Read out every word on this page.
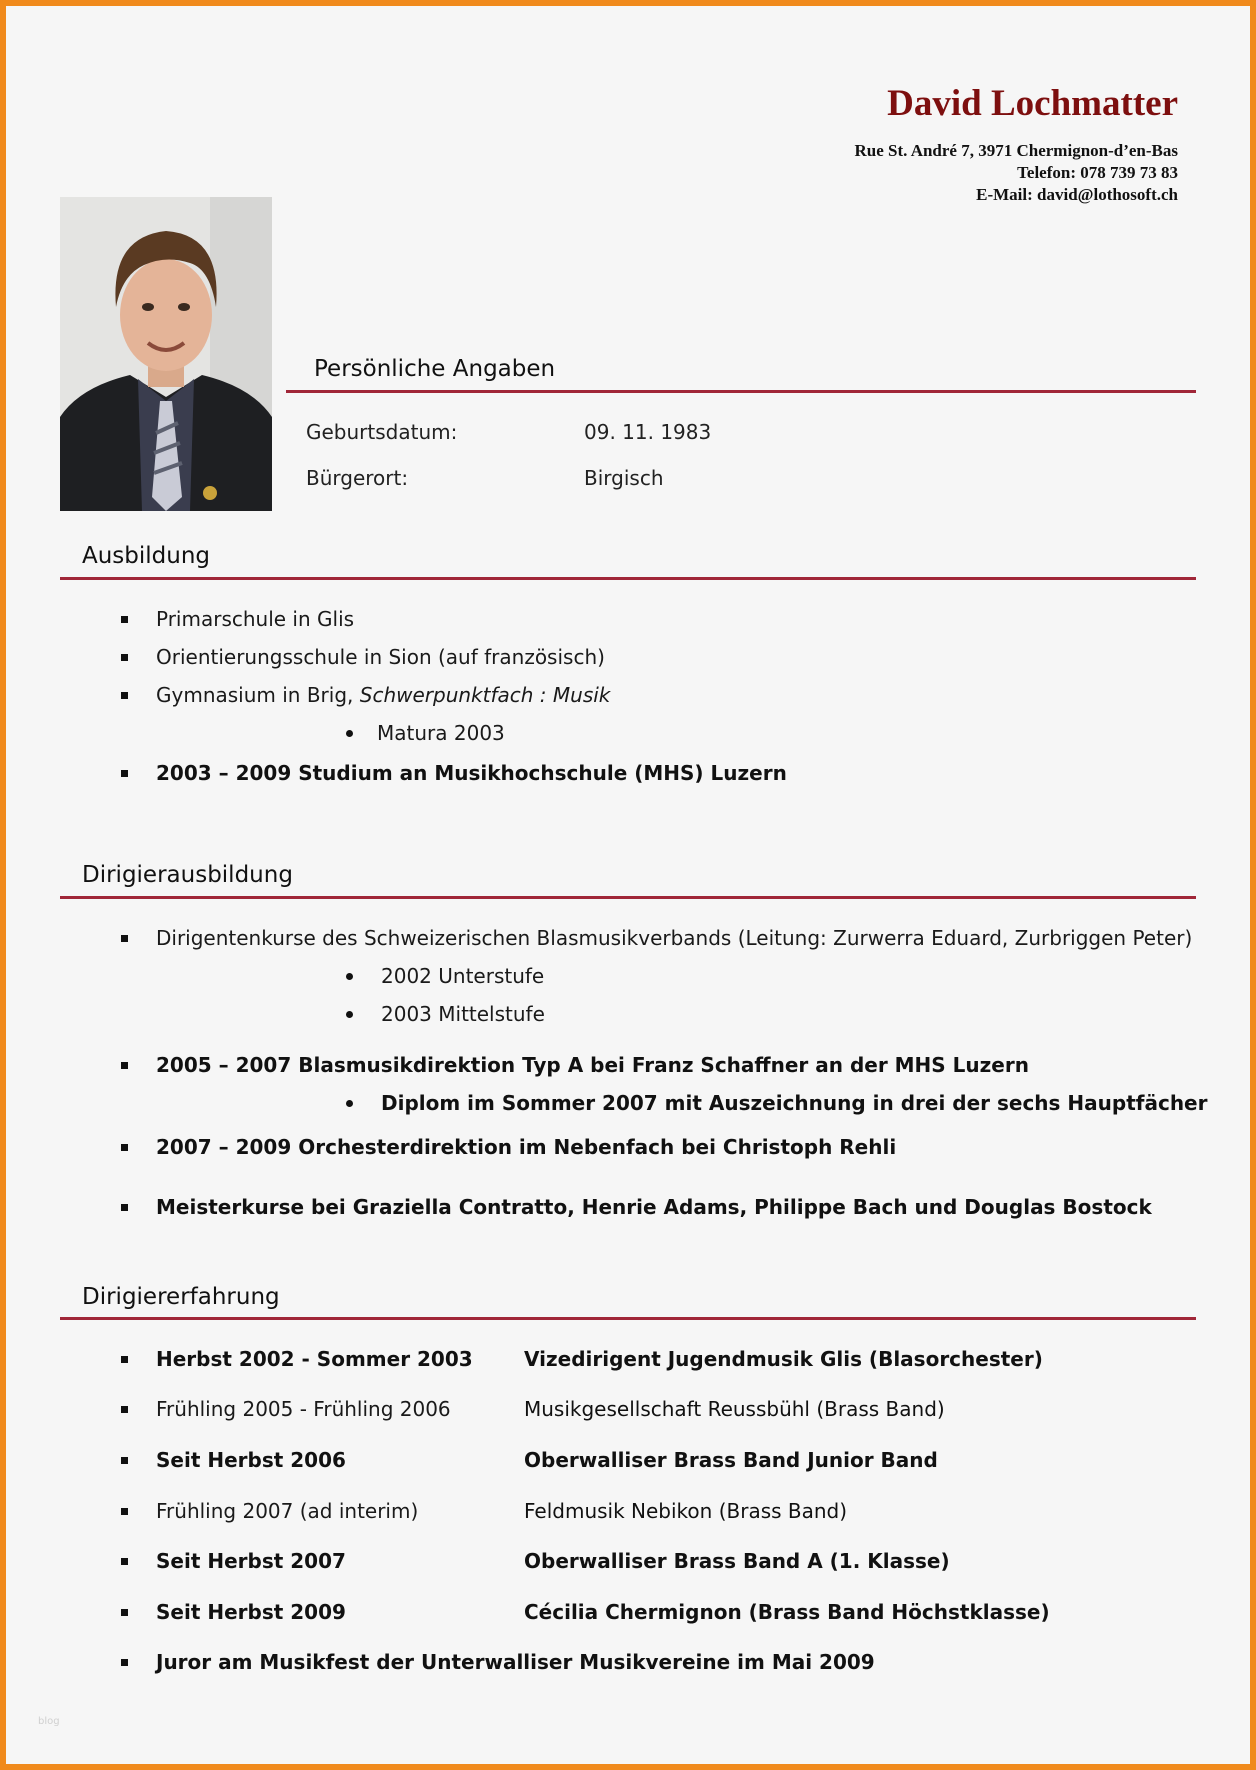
David Lochmatter
Rue St. André 7, 3971 Chermignon-d’en-Bas
Telefon: 078 739 73 83
E-Mail: david@lothosoft.ch
Persönliche Angaben
Geburtsdatum:	09. 11. 1983
Bürgerort:	Birgisch
Ausbildung
Primarschule in Glis
Orientierungsschule in Sion (auf französisch)
Gymnasium in Brig, Schwerpunktfach : Musik
Matura 2003
2003 – 2009 Studium an Musikhochschule (MHS) Luzern
Dirigierausbildung
Dirigentenkurse des Schweizerischen Blasmusikverbands (Leitung: Zurwerra Eduard, Zurbriggen Peter)
2002 Unterstufe
2003 Mittelstufe
2005 – 2007 Blasmusikdirektion Typ A bei Franz Schaffner an der MHS Luzern
Diplom im Sommer 2007 mit Auszeichnung in drei der sechs Hauptfächer
2007 – 2009 Orchesterdirektion im Nebenfach bei Christoph Rehli
Meisterkurse bei Graziella Contratto, Henrie Adams, Philippe Bach und Douglas Bostock
Dirigiererfahrung
Herbst 2002 - Sommer 2003	Vizedirigent Jugendmusik Glis (Blasorchester)
Frühling 2005 - Frühling 2006	Musikgesellschaft Reussbühl (Brass Band)
Seit Herbst 2006	Oberwalliser Brass Band Junior Band
Frühling 2007 (ad interim)	Feldmusik Nebikon (Brass Band)
Seit Herbst 2007	Oberwalliser Brass Band A (1. Klasse)
Seit Herbst 2009	Cécilia Chermignon (Brass Band Höchstklasse)
Juror am Musikfest der Unterwalliser Musikvereine im Mai 2009
blog
